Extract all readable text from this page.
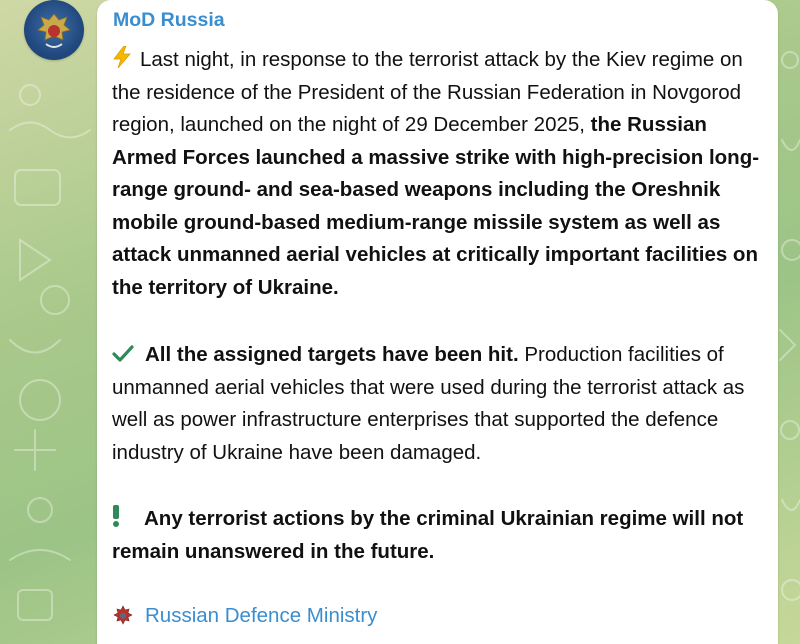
MoD Russia
Last night, in response to the terrorist attack by the Kiev regime on the residence of the President of the Russian Federation in Novgorod region, launched on the night of 29 December 2025, the Russian Armed Forces launched a massive strike with high-precision long-range ground- and sea-based weapons including the Oreshnik mobile ground-based medium-range missile system as well as attack unmanned aerial vehicles at critically important facilities on the territory of Ukraine.
All the assigned targets have been hit. Production facilities of unmanned aerial vehicles that were used during the terrorist attack as well as power infrastructure enterprises that supported the defence industry of Ukraine have been damaged.
Any terrorist actions by the criminal Ukrainian regime will not remain unanswered in the future.
Russian Defence Ministry
